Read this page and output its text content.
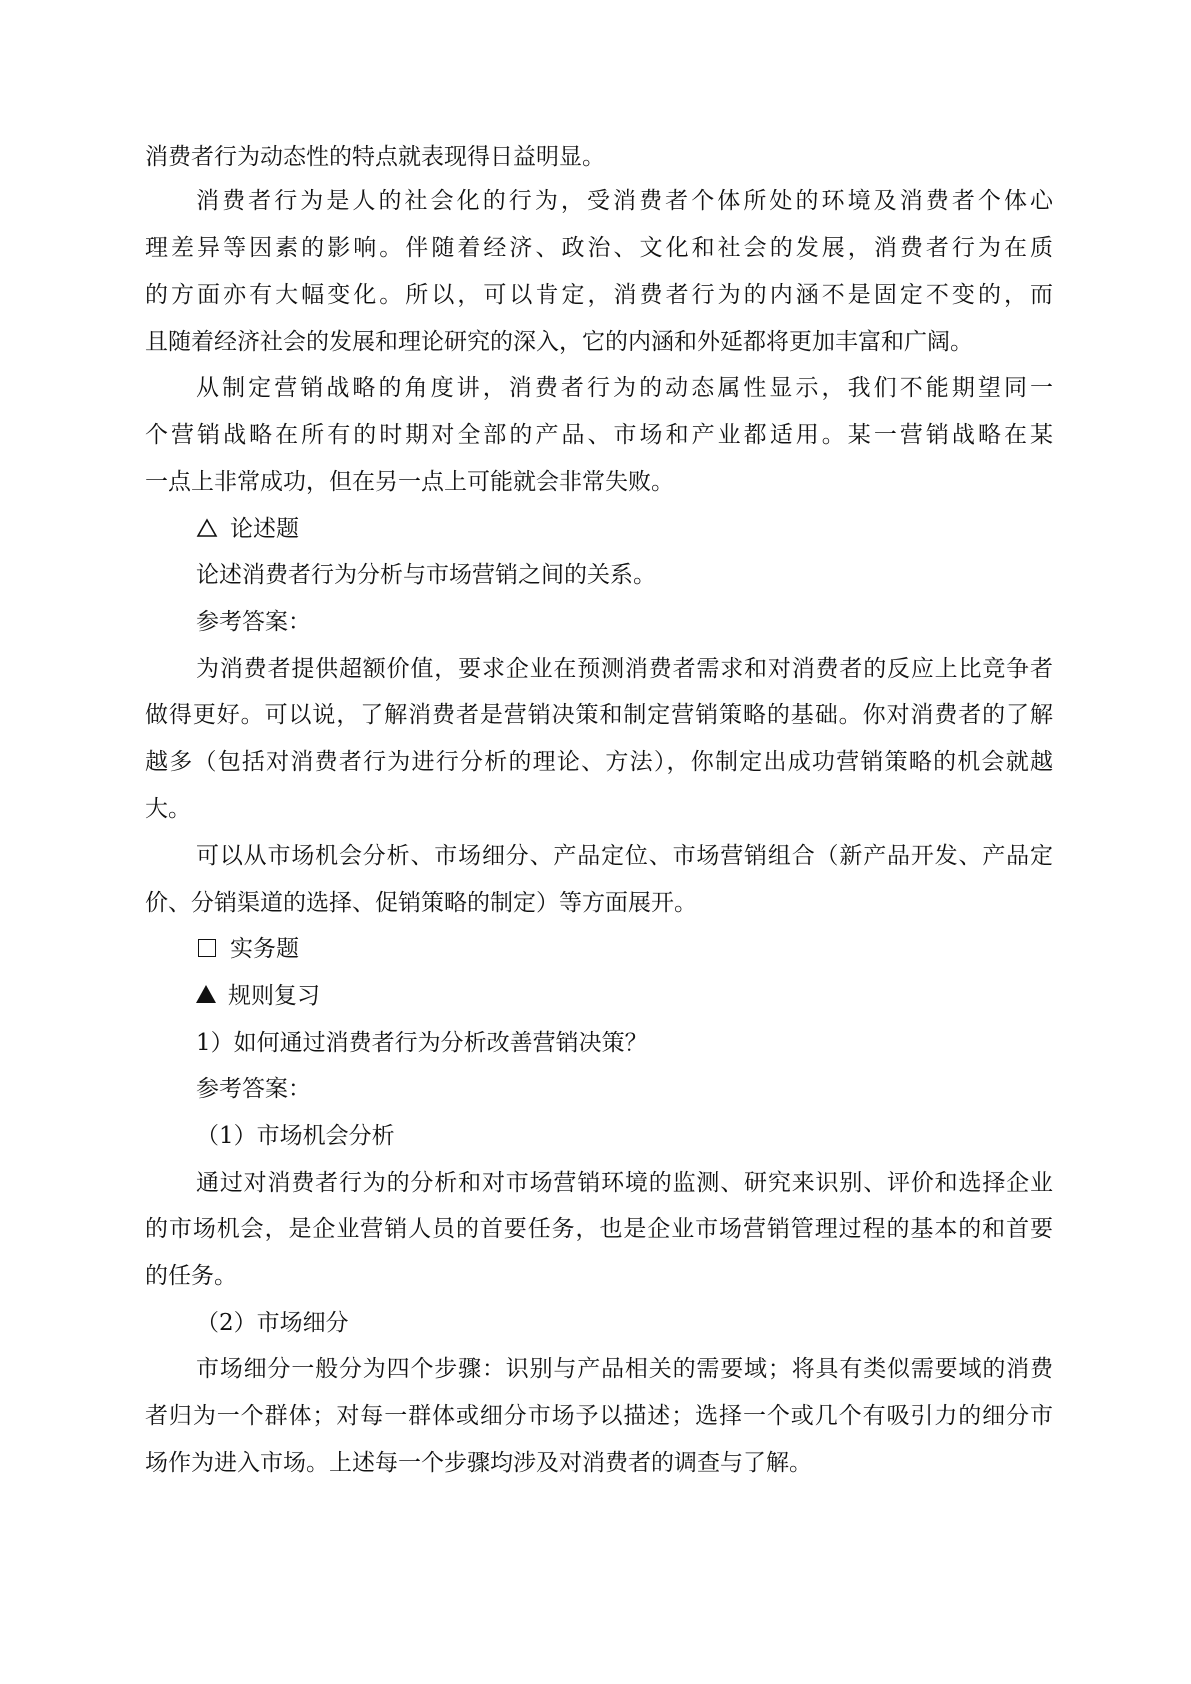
消费者行为动态性的特点就表现得日益明显。
消费者行为是人的社会化的行为，受消费者个体所处的环境及消费者个体心
理差异等因素的影响。伴随着经济、政治、文化和社会的发展，消费者行为在质
的方面亦有大幅变化。所以，可以肯定，消费者行为的内涵不是固定不变的，而
且随着经济社会的发展和理论研究的深入，它的内涵和外延都将更加丰富和广阔。
从制定营销战略的角度讲，消费者行为的动态属性显示，我们不能期望同一
个营销战略在所有的时期对全部的产品、市场和产业都适用。某一营销战略在某
一点上非常成功，但在另一点上可能就会非常失败。
论述题
论述消费者行为分析与市场营销之间的关系。
参考答案：
为消费者提供超额价值，要求企业在预测消费者需求和对消费者的反应上比竞争者
做得更好。可以说，了解消费者是营销决策和制定营销策略的基础。你对消费者的了解
越多（包括对消费者行为进行分析的理论、方法），你制定出成功营销策略的机会就越
大。
可以从市场机会分析、市场细分、产品定位、市场营销组合（新产品开发、产品定
价、分销渠道的选择、促销策略的制定）等方面展开。
实务题
规则复习
1）如何通过消费者行为分析改善营销决策？
参考答案：
（1）市场机会分析
通过对消费者行为的分析和对市场营销环境的监测、研究来识别、评价和选择企业
的市场机会，是企业营销人员的首要任务，也是企业市场营销管理过程的基本的和首要
的任务。
（2）市场细分
市场细分一般分为四个步骤：识别与产品相关的需要域；将具有类似需要域的消费
者归为一个群体；对每一群体或细分市场予以描述；选择一个或几个有吸引力的细分市
场作为进入市场。上述每一个步骤均涉及对消费者的调查与了解。
